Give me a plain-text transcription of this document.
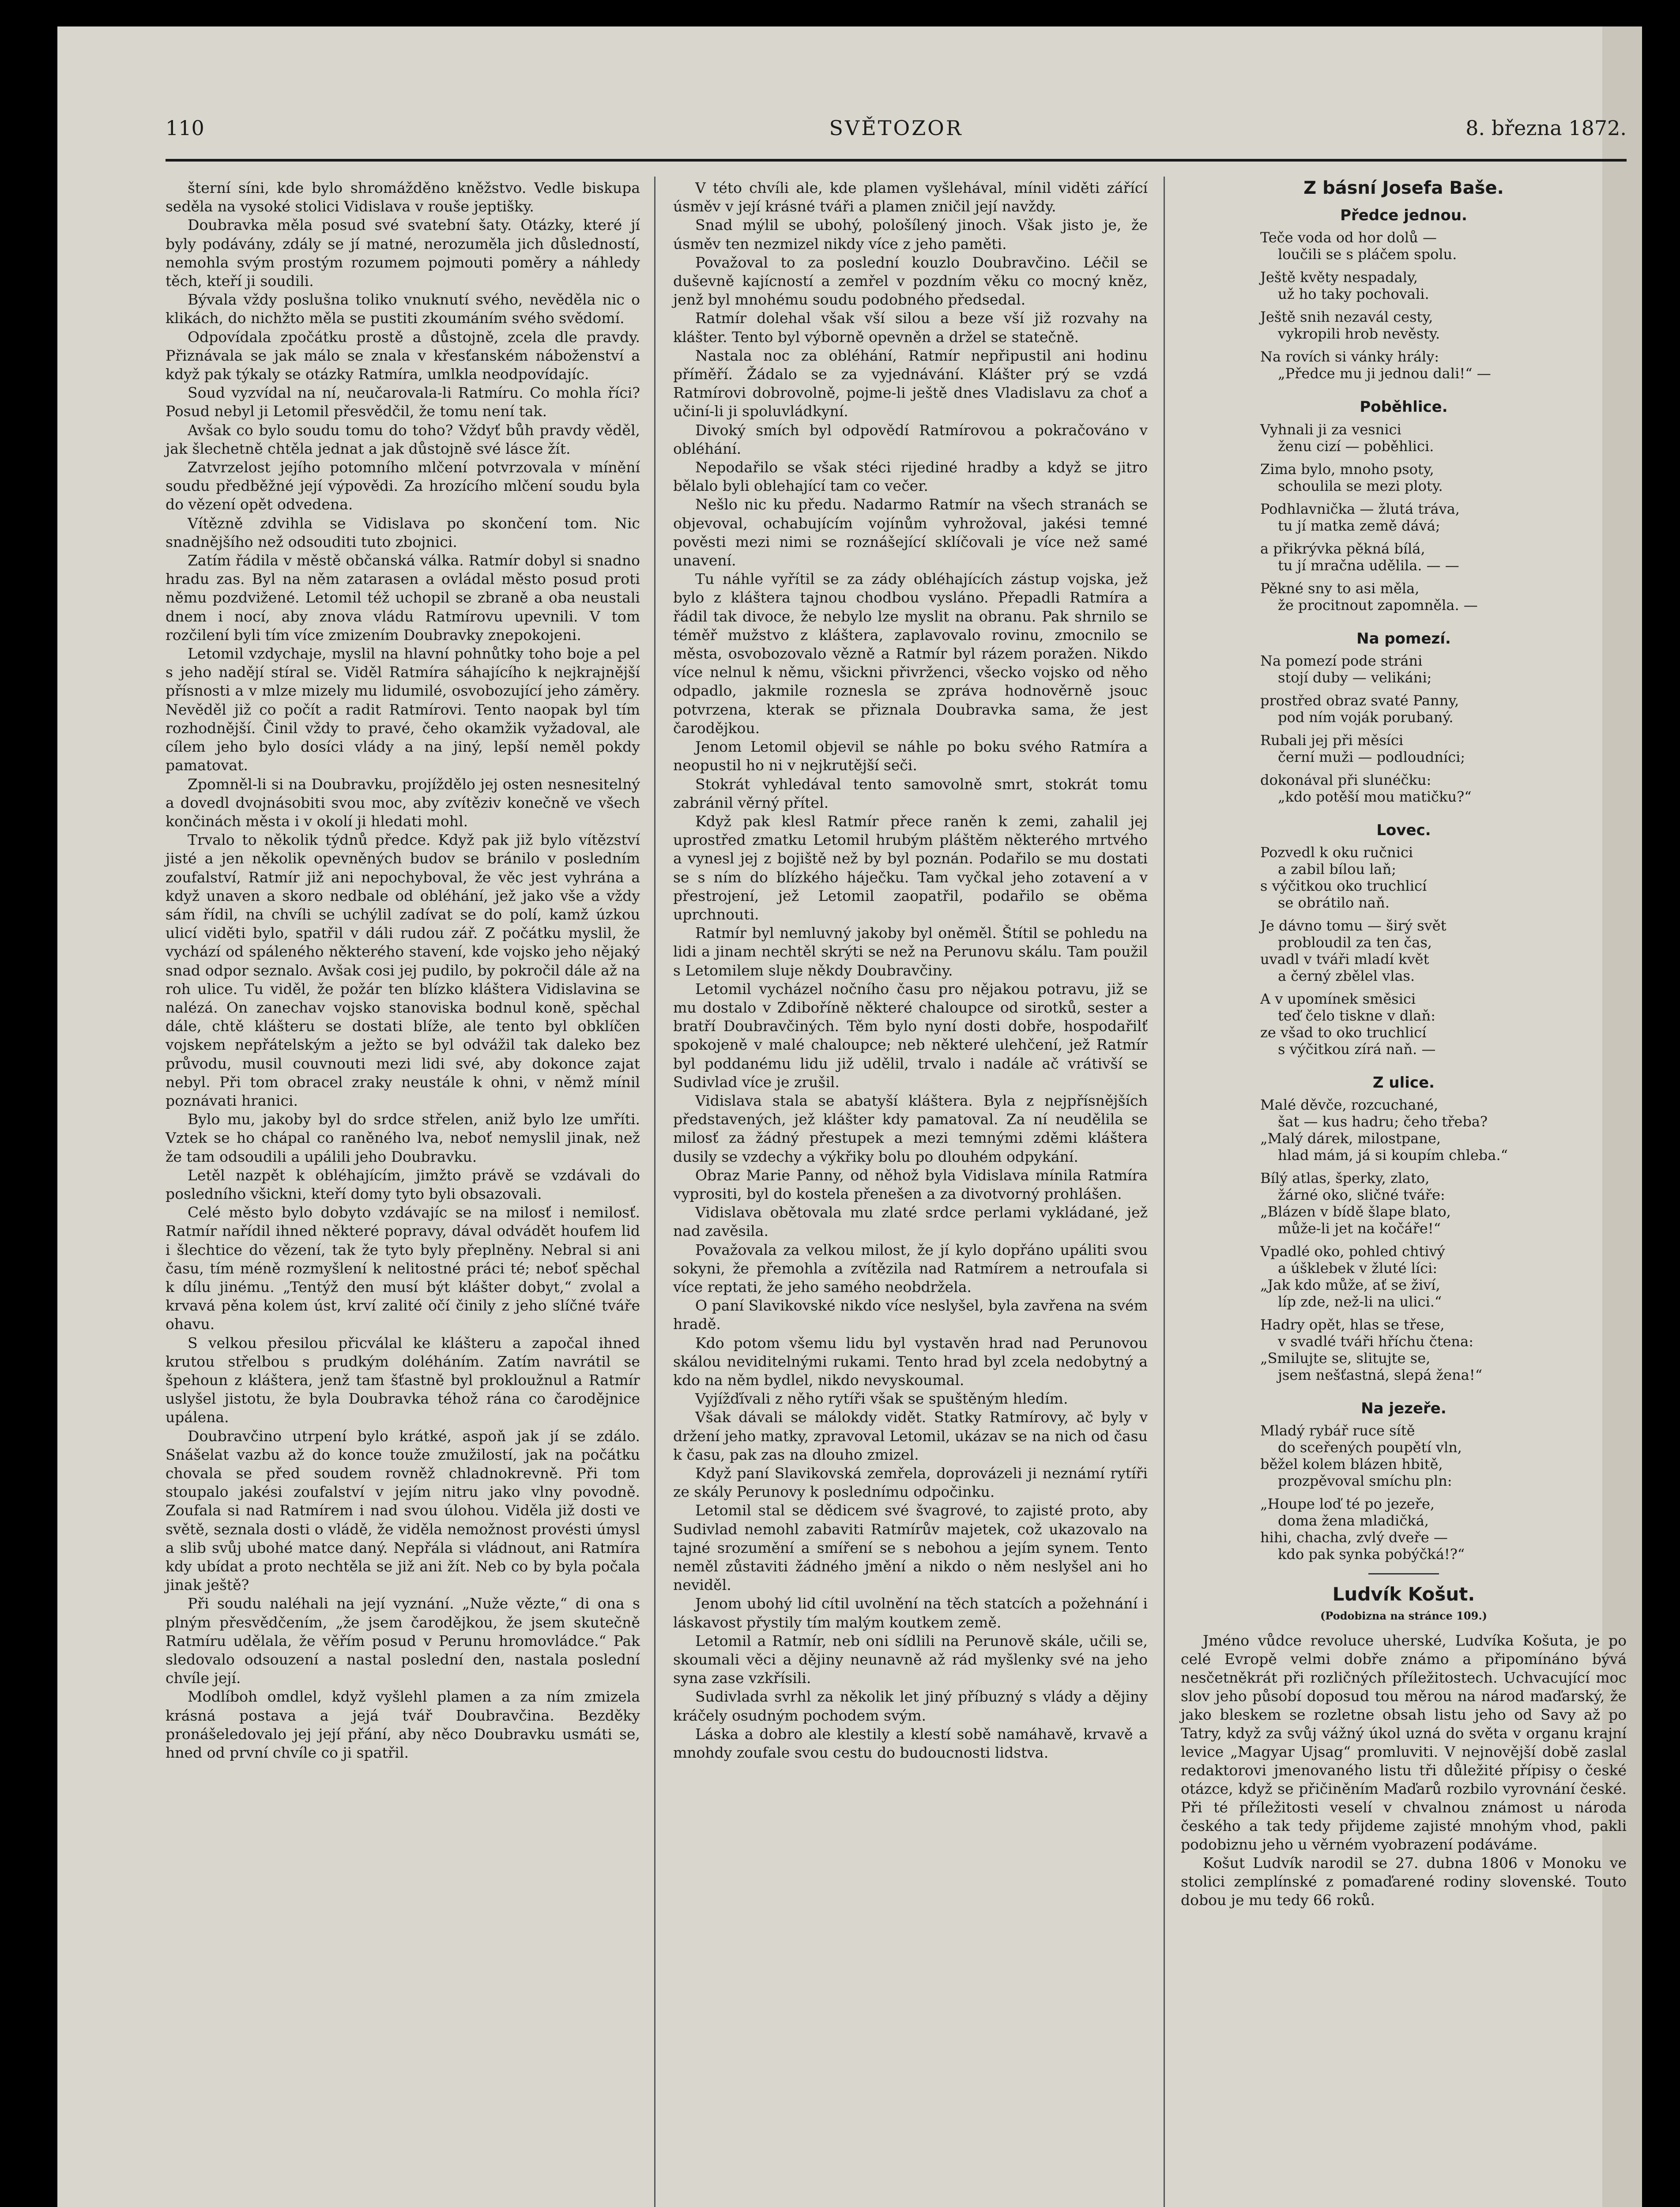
110	SVĚTOZOR	8. března 1872.

šterní síni, kde bylo shromážděno kněžstvo. Vedle biskupa seděla na vysoké stolici Vidislava v rouše jeptišky.

Doubravka měla posud své svatební šaty. Otázky, které jí byly podávány, zdály se jí matné, nerozuměla jich důsledností, nemohla svým prostým rozumem pojmouti poměry a náhledy těch, kteří ji soudili.

Bývala vždy poslušna toliko vnuknutí svého, nevěděla nic o klikách, do nichžto měla se pustiti zkoumáním svého svědomí.

Odpovídala zpočátku prostě a důstojně, zcela dle pravdy. Přiznávala se jak málo se znala v křesťanském náboženství a když pak týkaly se otázky Ratmíra, umlkla neodpovídajíc.

Soud vyzvídal na ní, neučarovala-li Ratmíru. Co mohla říci? Posud nebyl ji Letomil přesvědčil, že tomu není tak.

Avšak co bylo soudu tomu do toho? Vždyť bůh pravdy věděl, jak šlechetně chtěla jednat a jak důstojně své lásce žít.

Zatvrzelost jejího potomního mlčení potvrzovala v mínění soudu předběžné její výpovědi. Za hrozícího mlčení soudu byla do vězení opět odvedena.

Vítězně zdvihla se Vidislava po skončení tom. Nic snadnějšího než odsouditi tuto zbojnici.

Zatím řádila v městě občanská válka. Ratmír dobyl si snadno hradu zas. Byl na něm zatarasen a ovládal město posud proti němu pozdvižené. Letomil též uchopil se zbraně a oba neustali dnem i nocí, aby znova vládu Ratmírovu upevnili. V tom rozčilení byli tím více zmizením Doubravky znepokojeni.

Letomil vzdychaje, myslil na hlavní pohnůtky toho boje a pel s jeho nadějí stíral se. Viděl Ratmíra sáhajícího k nejkrajnější přísnosti a v mlze mizely mu lidumilé, osvobozující jeho záměry. Nevěděl již co počít a radit Ratmírovi. Tento naopak byl tím rozhodnější. Činil vždy to pravé, čeho okamžik vyžadoval, ale cílem jeho bylo dosíci vlády a na jiný, lepší neměl pokdy pamatovat.

Zpomněl-li si na Doubravku, projíždělo jej osten nesnesitelný a dovedl dvojnásobiti svou moc, aby zvítěziv konečně ve všech končinách města i v okolí ji hledati mohl.

Trvalo to několik týdnů předce. Když pak již bylo vítězství jisté a jen několik opevněných budov se bránilo v posledním zoufalství, Ratmír již ani nepochyboval, že věc jest vyhrána a když unaven a skoro nedbale od obléhání, jež jako vše a vždy sám řídil, na chvíli se uchýlil zadívat se do polí, kamž úzkou ulicí viděti bylo, spatřil v dáli rudou zář. Z počátku myslil, že vychází od spáleného některého stavení, kde vojsko jeho nějaký snad odpor seznalo. Avšak cosi jej pudilo, by pokročil dále až na roh ulice. Tu viděl, že požár ten blízko kláštera Vidislavina se nalézá. On zanechav vojsko stanoviska bodnul koně, spěchal dále, chtě klášteru se dostati blíže, ale tento byl obklíčen vojskem nepřátelským a ježto se byl odvážil tak daleko bez průvodu, musil couvnouti mezi lidi své, aby dokonce zajat nebyl. Při tom obracel zraky neustále k ohni, v němž mínil poznávati hranici.

Bylo mu, jakoby byl do srdce střelen, aniž bylo lze umříti. Vztek se ho chápal co raněného lva, neboť nemyslil jinak, než že tam odsoudili a upálili jeho Doubravku.

Letěl nazpět k obléhajícím, jimžto právě se vzdávali do posledního všickni, kteří domy tyto byli obsazovali.

Celé město bylo dobyto vzdávajíc se na milosť i nemilosť. Ratmír nařídil ihned některé popravy, dával odvádět houfem lid i šlechtice do vězení, tak že tyto byly přeplněny. Nebral si ani času, tím méně rozmyšlení k nelitostné práci té; neboť spěchal k dílu jinému. „Tentýž den musí být klášter dobyt,“ zvolal a krvavá pěna kolem úst, krví zalité očí činily z jeho slíčné tváře ohavu.

S velkou přesilou přicválal ke klášteru a započal ihned krutou střelbou s prudkým doléháním. Zatím navrátil se špehoun z kláštera, jenž tam šťastně byl prokloužnul a Ratmír uslyšel jistotu, že byla Doubravka téhož rána co čarodějnice upálena.

Doubravčino utrpení bylo krátké, aspoň jak jí se zdálo. Snášelat vazbu až do konce touže zmužilostí, jak na počátku chovala se před soudem rovněž chladnokrevně. Při tom stoupalo jakési zoufalství v jejím nitru jako vlny povodně. Zoufala si nad Ratmírem i nad svou úlohou. Viděla již dosti ve světě, seznala dosti o vládě, že viděla nemožnost provésti úmysl a slib svůj ubohé matce daný. Nepřála si vládnout, ani Ratmíra kdy ubídat a proto nechtěla se již ani žít. Neb co by byla počala jinak ještě?

Při soudu naléhali na její vyznání. „Nuže vězte,“ di ona s plným přesvědčením, „že jsem čarodějkou, že jsem skutečně Ratmíru udělala, že věřím posud v Perunu hromovládce.“ Pak sledovalo odsouzení a nastal poslední den, nastala poslední chvíle její.

Modlíboh omdlel, když vyšlehl plamen a za ním zmizela krásná postava a jejá tvář Doubravčina. Bezděky pronášeledovalo jej její přání, aby něco Doubravku usmáti se, hned od první chvíle co ji spatřil.

V této chvíli ale, kde plamen vyšlehával, mínil viděti zářící úsměv v její krásné tváři a plamen zničil její navždy.

Snad mýlil se ubohý, pološílený jinoch. Však jisto je, že úsměv ten nezmizel nikdy více z jeho paměti.

Považoval to za poslední kouzlo Doubravčino. Léčil se duševně kajícností a zemřel v pozdním věku co mocný kněz, jenž byl mnohému soudu podobného předsedal.

Ratmír dolehal však vší silou a beze vší již rozvahy na klášter. Tento byl výborně opevněn a držel se statečně.

Nastala noc za obléhání, Ratmír nepřipustil ani hodinu příměří. Žádalo se za vyjednávání. Klášter prý se vzdá Ratmírovi dobrovolně, pojme-li ještě dnes Vladislavu za choť a učiní-li ji spoluvládkyní.

Divoký smích byl odpovědí Ratmírovou a pokračováno v obléhání.

Nepodařilo se však stéci rijediné hradby a když se jitro bělalo byli oblehající tam co večer.

Nešlo nic ku předu. Nadarmo Ratmír na všech stranách se objevoval, ochabujícím vojínům vyhrožoval, jakési temné pověsti mezi nimi se roznášející sklíčovali je více než samé unavení.

Tu náhle vyřítil se za zády obléhajících zástup vojska, jež bylo z kláštera tajnou chodbou vysláno. Přepadli Ratmíra a řádil tak divoce, že nebylo lze myslit na obranu. Pak shrnilo se téměř mužstvo z kláštera, zaplavovalo rovinu, zmocnilo se města, osvobozovalo vězně a Ratmír byl rázem poražen. Nikdo více nelnul k němu, všickni přivrženci, všecko vojsko od něho odpadlo, jakmile roznesla se zpráva hodnověrně jsouc potvrzena, kterak se přiznala Doubravka sama, že jest čarodějkou.

Jenom Letomil objevil se náhle po boku svého Ratmíra a neopustil ho ni v nejkrutější seči.

Stokrát vyhledával tento samovolně smrt, stokrát tomu zabránil věrný přítel.

Když pak klesl Ratmír přece raněn k zemi, zahalil jej uprostřed zmatku Letomil hrubým pláštěm některého mrtvého a vynesl jej z bojiště než by byl poznán. Podařilo se mu dostati se s ním do blízkého háječku. Tam vyčkal jeho zotavení a v přestrojení, jež Letomil zaopatřil, podařilo se oběma uprchnouti.

Ratmír byl nemluvný jakoby byl oněměl. Štítil se pohledu na lidi a jinam nechtěl skrýti se než na Perunovu skálu. Tam použil s Letomilem sluje někdy Doubravčiny.

Letomil vycházel nočního času pro nějakou potravu, již se mu dostalo v Zdiboříně některé chaloupce od sirotků, sester a bratří Doubravčiných. Těm bylo nyní dosti dobře, hospodařilť spokojeně v malé chaloupce; neb některé ulehčení, jež Ratmír byl poddanému lidu již udělil, trvalo i nadále ač vrátivší se Sudivlad více je zrušil.

Vidislava stala se abatyší kláštera. Byla z nejpřísnějších představených, jež klášter kdy pamatoval. Za ní neudělila se milosť za žádný přestupek a mezi temnými zděmi kláštera dusily se vzdechy a výkřiky bolu po dlouhém odpykání.

Obraz Marie Panny, od něhož byla Vidislava mínila Ratmíra vyprositi, byl do kostela přenešen a za divotvorný prohlášen.

Vidislava obětovala mu zlaté srdce perlami vykládané, jež nad zavěsila.

Považovala za velkou milost, že jí kylo dopřáno upáliti svou sokyni, že přemohla a zvítězila nad Ratmírem a netroufala si více reptati, že jeho samého neobdržela.

O paní Slavikovské nikdo více neslyšel, byla zavřena na svém hradě.

Kdo potom všemu lidu byl vystavěn hrad nad Perunovou skálou neviditelnými rukami. Tento hrad byl zcela nedobytný a kdo na něm bydlel, nikdo nevyskoumal.

Vyjížďívali z něho rytíři však se spuštěným hledím.

Však dávali se málokdy vidět. Statky Ratmírovy, ač byly v držení jeho matky, zpravoval Letomil, ukázav se na nich od času k času, pak zas na dlouho zmizel.

Když paní Slavikovská zemřela, doprovázeli ji neznámí rytíři ze skály Perunovy k poslednímu odpočinku.

Letomil stal se dědicem své švagrové, to zajisté proto, aby Sudivlad nemohl zabaviti Ratmírův majetek, což ukazovalo na tajné srozumění a smíření se s nebohou a jejím synem. Tento neměl zůstaviti žádného jmění a nikdo o něm neslyšel ani ho neviděl.

Jenom ubohý lid cítil uvolnění na těch statcích a požehnání i láskavost přystily tím malým koutkem země.

Letomil a Ratmír, neb oni sídlili na Perunově skále, učili se, skoumali věci a dějiny neunavně až rád myšlenky své na jeho syna zase vzkřísili.

Sudivlada svrhl za několik let jiný příbuzný s vlády a dějiny kráčely osudným pochodem svým.

Láska a dobro ale klestily a klestí sobě namáhavě, krvavě a mnohdy zoufale svou cestu do budoucnosti lidstva.

Z básní Josefa Baše.
Předce jednou.
Teče voda od hor dolů —
loučili se s pláčem spolu.
Ještě květy nespadaly,
už ho taky pochovali.
Ještě snih nezavál cesty,
vykropili hrob nevěsty.
Na rovích si vánky hrály:
„Předce mu ji jednou dali!“ —
Poběhlice.
Vyhnali ji za vesnici
ženu cizí — poběhlici.
Zima bylo, mnoho psoty,
schoulila se mezi ploty.
Podhlavnička — žlutá tráva,
tu jí matka země dává;
a přikrývka pěkná bílá,
tu jí mračna udělila. — —
Pěkné sny to asi měla,
že procitnout zapomněla. —
Na pomezí.
Na pomezí pode stráni
stojí duby — velikáni;
prostřed obraz svaté Panny,
pod ním voják porubaný.
Rubali jej při měsíci
černí muži — podloudníci;
dokonával při slunéčku:
„kdo potěší mou matičku?“
Lovec.
Pozvedl k oku ručnici
a zabil bílou laň;
s výčitkou oko truchlicí
se obrátilo naň.
Je dávno tomu — širý svět
probloudil za ten čas,
uvadl v tváři mladí květ
a černý zbělel vlas.
A v upomínek směsici
teď čelo tiskne v dlaň:
ze všad to oko truchlicí
s výčitkou zírá naň. —
Z ulice.
Malé děvče, rozcuchané,
šat — kus hadru; čeho třeba?
„Malý dárek, milostpane,
hlad mám, já si koupím chleba.“
Bílý atlas, šperky, zlato,
žárné oko, sličné tváře:
„Blázen v bídě šlape blato,
může-li jet na kočáře!“
Vpadlé oko, pohled chtivý
a úšklebek v žluté líci:
„Jak kdo může, ať se živí,
líp zde, než-li na ulici.“
Hadry opět, hlas se třese,
v svadlé tváři hříchu čtena:
„Smilujte se, slitujte se,
jsem nešťastná, slepá žena!“
Na jezeře.
Mladý rybář ruce sítě
do sceřených poupětí vln,
běžel kolem blázen hbitě,
prozpěvoval smíchu pln:
„Houpe loď té po jezeře,
doma žena mladičká,
hihi, chacha, zvlý dveře —
kdo pak synka pobýčká!?“
Ludvík Košut.
(Podobizna na stránce 109.)

Jméno vůdce revoluce uherské, Ludvíka Košuta, je po celé Evropě velmi dobře známo a připomínáno bývá nesčetněkrát při rozličných příležitostech. Uchvacující moc slov jeho působí doposud tou měrou na národ maďarský, že jako bleskem se rozletne obsah listu jeho od Savy až po Tatry, když za svůj vážný úkol uzná do světa v organu krajní levice „Magyar Ujsag“ promluviti. V nejnovější době zaslal redaktorovi jmenovaného listu tři důležité přípisy o české otázce, když se přičiněním Maďarů rozbilo vyrovnání české. Při té příležitosti veselí v chvalnou známost u národa českého a tak tedy přijdeme zajisté mnohým vhod, pakli podobiznu jeho u věrném vyobrazení podáváme.

Košut Ludvík narodil se 27. dubna 1806 v Monoku ve stolici zemplínské z pomaďarené rodiny slovenské. Touto dobou je mu tedy 66 roků.
